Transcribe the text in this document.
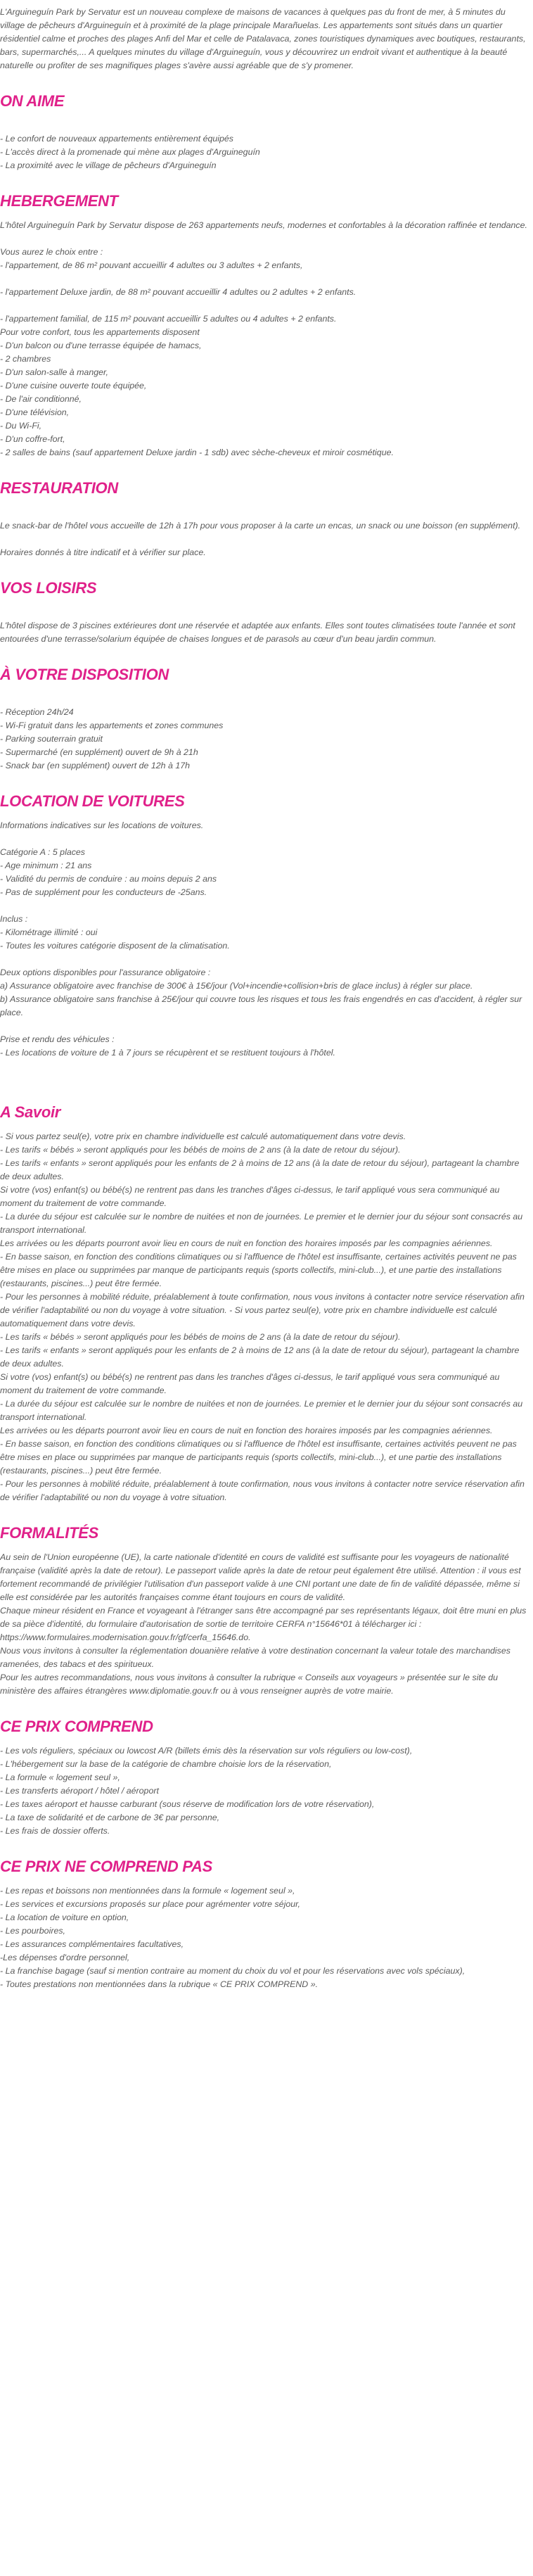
L'Arguineguín Park by Servatur est un nouveau complexe de maisons de vacances à quelques pas du front de mer, à 5 minutes du village de pêcheurs d'Arguineguín et à proximité de la plage principale Marañuelas. Les appartements sont situés dans un quartier résidentiel calme et proches des plages Anfi del Mar et celle de Patalavaca, zones touristiques dynamiques avec boutiques, restaurants, bars, supermarchés,... A quelques minutes du village d'Arguineguín, vous y découvrirez un endroit vivant et authentique à la beauté naturelle ou profiter de ses magnifiques plages s'avère aussi agréable que de s'y promener.

ON AIME
- Le confort de nouveaux appartements entièrement équipés
- L'accès direct à la promenade qui mène aux plages d'Arguineguín
- La proximité avec le village de pêcheurs d'Arguineguín
HEBERGEMENT
L'hôtel Arguineguín Park by Servatur dispose de 263 appartements neufs, modernes et confortables à la décoration raffinée et tendance.
Vous aurez le choix entre :
- l'appartement, de 86 m² pouvant accueillir 4 adultes ou 3 adultes + 2 enfants,
- l'appartement Deluxe jardin, de 88 m² pouvant accueillir 4 adultes ou 2 adultes + 2 enfants.
- l'appartement familial, de 115 m² pouvant accueillir 5 adultes ou 4 adultes + 2 enfants.
Pour votre confort, tous les appartements disposent
- D'un balcon ou d'une terrasse équipée de hamacs,
- 2 chambres
- D'un salon-salle à manger,
- D'une cuisine ouverte toute équipée,
- De l'air conditionné,
- D'une télévision,
- Du Wi-Fi,
- D'un coffre-fort,
- 2 salles de bains (sauf appartement Deluxe jardin - 1 sdb) avec sèche-cheveux et miroir cosmétique.
RESTAURATION
Le snack-bar de l'hôtel vous accueille de 12h à 17h pour vous proposer à la carte un encas, un snack ou une boisson (en supplément).
Horaires donnés à titre indicatif et à vérifier sur place.
VOS LOISIRS
L'hôtel dispose de 3 piscines extérieures dont une réservée et adaptée aux enfants. Elles sont toutes climatisées toute l'année et sont entourées d'une terrasse/solarium équipée de chaises longues et de parasols au cœur d'un beau jardin commun.
À VOTRE DISPOSITION
- Réception 24h/24
- Wi-Fi gratuit dans les appartements et zones communes
- Parking souterrain gratuit
- Supermarché (en supplément) ouvert de 9h à 21h
- Snack bar (en supplément) ouvert de 12h à 17h
LOCATION DE VOITURES
Informations indicatives sur les locations de voitures.
Catégorie A : 5 places
- Age minimum : 21 ans
- Validité du permis de conduire : au moins depuis 2 ans
- Pas de supplément pour les conducteurs de -25ans.
Inclus :
- Kilométrage illimité : oui
- Toutes les voitures catégorie disposent de la climatisation.
Deux options disponibles pour l'assurance obligatoire :
a) Assurance obligatoire avec franchise de 300€ à 15€/jour (Vol+incendie+collision+bris de glace inclus) à régler sur place.
b) Assurance obligatoire sans franchise à 25€/jour qui couvre tous les risques et tous les frais engendrés en cas d'accident, à régler sur place.
Prise et rendu des véhicules :
- Les locations de voiture de 1 à 7 jours se récupèrent et se restituent toujours à l'hôtel.
A Savoir
- Si vous partez seul(e), votre prix en chambre individuelle est calculé automatiquement dans votre devis.
- Les tarifs « bébés » seront appliqués pour les bébés de moins de 2 ans (à la date de retour du séjour).
- Les tarifs « enfants » seront appliqués pour les enfants de 2 à moins de 12 ans (à la date de retour du séjour), partageant la chambre de deux adultes.
Si votre (vos) enfant(s) ou bébé(s) ne rentrent pas dans les tranches d'âges ci-dessus, le tarif appliqué vous sera communiqué au moment du traitement de votre commande.
- La durée du séjour est calculée sur le nombre de nuitées et non de journées. Le premier et le dernier jour du séjour sont consacrés au transport international.
Les arrivées ou les départs pourront avoir lieu en cours de nuit en fonction des horaires imposés par les compagnies aériennes.
- En basse saison, en fonction des conditions climatiques ou si l'affluence de l'hôtel est insuffisante, certaines activités peuvent ne pas être mises en place ou supprimées par manque de participants requis (sports collectifs, mini-club...), et une partie des installations (restaurants, piscines...) peut être fermée.
- Pour les personnes à mobilité réduite, préalablement à toute confirmation, nous vous invitons à contacter notre service réservation afin de vérifier l'adaptabilité ou non du voyage à votre situation. - Si vous partez seul(e), votre prix en chambre individuelle est calculé automatiquement dans votre devis.
- Les tarifs « bébés » seront appliqués pour les bébés de moins de 2 ans (à la date de retour du séjour).
- Les tarifs « enfants » seront appliqués pour les enfants de 2 à moins de 12 ans (à la date de retour du séjour), partageant la chambre de deux adultes.
Si votre (vos) enfant(s) ou bébé(s) ne rentrent pas dans les tranches d'âges ci-dessus, le tarif appliqué vous sera communiqué au moment du traitement de votre commande.
- La durée du séjour est calculée sur le nombre de nuitées et non de journées. Le premier et le dernier jour du séjour sont consacrés au transport international.
Les arrivées ou les départs pourront avoir lieu en cours de nuit en fonction des horaires imposés par les compagnies aériennes.
- En basse saison, en fonction des conditions climatiques ou si l'affluence de l'hôtel est insuffisante, certaines activités peuvent ne pas être mises en place ou supprimées par manque de participants requis (sports collectifs, mini-club...), et une partie des installations (restaurants, piscines...) peut être fermée.
- Pour les personnes à mobilité réduite, préalablement à toute confirmation, nous vous invitons à contacter notre service réservation afin de vérifier l'adaptabilité ou non du voyage à votre situation.
FORMALITÉS
Au sein de l'Union européenne (UE), la carte nationale d'identité en cours de validité est suffisante pour les voyageurs de nationalité française (validité après la date de retour). Le passeport valide après la date de retour peut également être utilisé. Attention : il vous est fortement recommandé de privilégier l'utilisation d'un passeport valide à une CNI portant une date de fin de validité dépassée, même si elle est considérée par les autorités françaises comme étant toujours en cours de validité.
Chaque mineur résident en France et voyageant à l'étranger sans être accompagné par ses représentants légaux, doit être muni en plus de sa pièce d'identité, du formulaire d'autorisation de sortie de territoire CERFA n°15646*01 à télécharger ici :
https://www.formulaires.modernisation.gouv.fr/gf/cerfa_15646.do.
Nous vous invitons à consulter la réglementation douanière relative à votre destination concernant la valeur totale des marchandises ramenées, des tabacs et des spiritueux.
Pour les autres recommandations, nous vous invitons à consulter la rubrique « Conseils aux voyageurs » présentée sur le site du ministère des affaires étrangères www.diplomatie.gouv.fr ou à vous renseigner auprès de votre mairie.
CE PRIX COMPREND
- Les vols réguliers, spéciaux ou lowcost A/R (billets émis dès la réservation sur vols réguliers ou low-cost),
- L'hébergement sur la base de la catégorie de chambre choisie lors de la réservation,
- La formule « logement seul »,
- Les transferts aéroport / hôtel / aéroport
- Les taxes aéroport et hausse carburant (sous réserve de modification lors de votre réservation),
- La taxe de solidarité et de carbone de 3€ par personne,
- Les frais de dossier offerts.
CE PRIX NE COMPREND PAS
- Les repas et boissons non mentionnées dans la formule « logement seul »,
- Les services et excursions proposés sur place pour agrémenter votre séjour,
- La location de voiture en option,
- Les pourboires,
- Les assurances complémentaires facultatives,
-Les dépenses d'ordre personnel,
- La franchise bagage (sauf si mention contraire au moment du choix du vol et pour les réservations avec vols spéciaux),
- Toutes prestations non mentionnées dans la rubrique « CE PRIX COMPREND ».
